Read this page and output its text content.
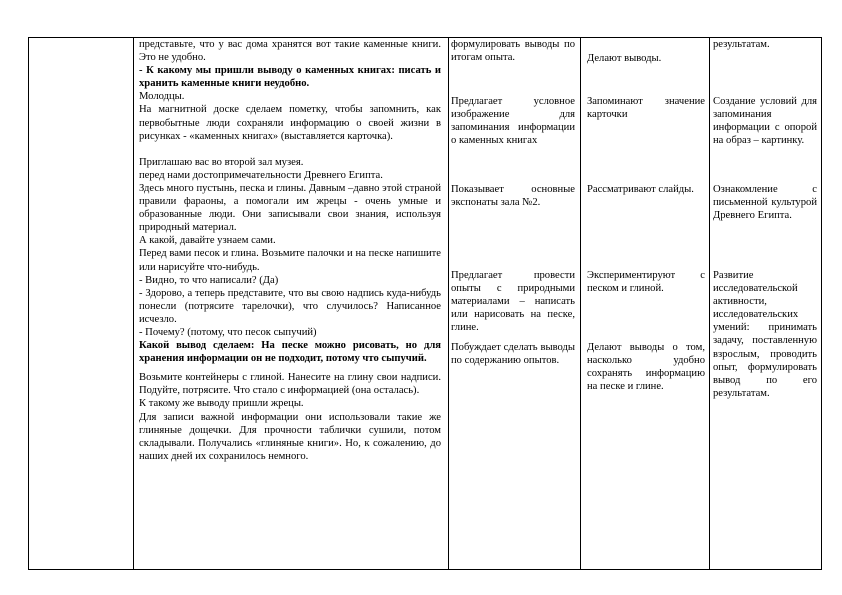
представьте, что у вас дома хранятся вот такие каменные книги. Это не удобно.

- К какому мы пришли выводу о каменных книгах: писать и хранить каменные книги неудобно.

Молодцы.

На магнитной доске сделаем пометку, чтобы запомнить, как первобытные люди сохраняли информацию о своей жизни в рисунках - «каменных книгах» (выставляется карточка).

Приглашаю вас во второй зал музея.

перед нами достопримечательности Древнего Египта.

Здесь много пустынь, песка и глины. Давным –давно этой страной правили фараоны, а помогали им жрецы - очень умные и образованные люди. Они записывали свои знания, используя природный материал.

А какой, давайте узнаем сами.

Перед вами песок и глина. Возьмите палочки и на песке напишите или нарисуйте что-нибудь.

- Видно, то что написали? (Да)

- Здорово, а теперь представите, что вы свою надпись куда-нибудь понесли (потрясите тарелочки), что случилось? Написанное исчезло.

- Почему? (потому, что песок сыпучий)

Какой вывод сделаем: На песке можно рисовать, но для хранения информации он не подходит, потому что сыпучий.

Возьмите контейнеры с глиной. Нанесите на глину свои надписи. Подуйте, потрясите. Что стало с информацией (она осталась).

К такому же выводу пришли жрецы.

Для записи важной информации они использовали такие же глиняные дощечки. Для прочности таблички сушили, потом складывали. Получались «глиняные книги». Но, к сожалению, до наших дней их сохранилось немного.

формулировать выводы по итогам опыта.
Предлагает условное изображение для запоминания информации о каменных книгах
Показывает основные экспонаты зала №2.
Предлагает провести опыты с природными материалами – написать или нарисовать на песке, глине.
Побуждает сделать выводы по содержанию опытов.
Делают выводы.
Запоминают значение карточки
Рассматривают слайды.
Экспериментируют с песком и глиной.
Делают выводы о том, насколько удобно сохранять информацию на песке и глине.
результатам.
Создание условий для запоминания информации с опорой на образ – картинку.
Ознакомление с письменной культурой Древнего Египта.
Развитие исследовательской активности, исследовательских умений: принимать задачу, поставленную взрослым, проводить опыт, формулировать вывод по его результатам.
